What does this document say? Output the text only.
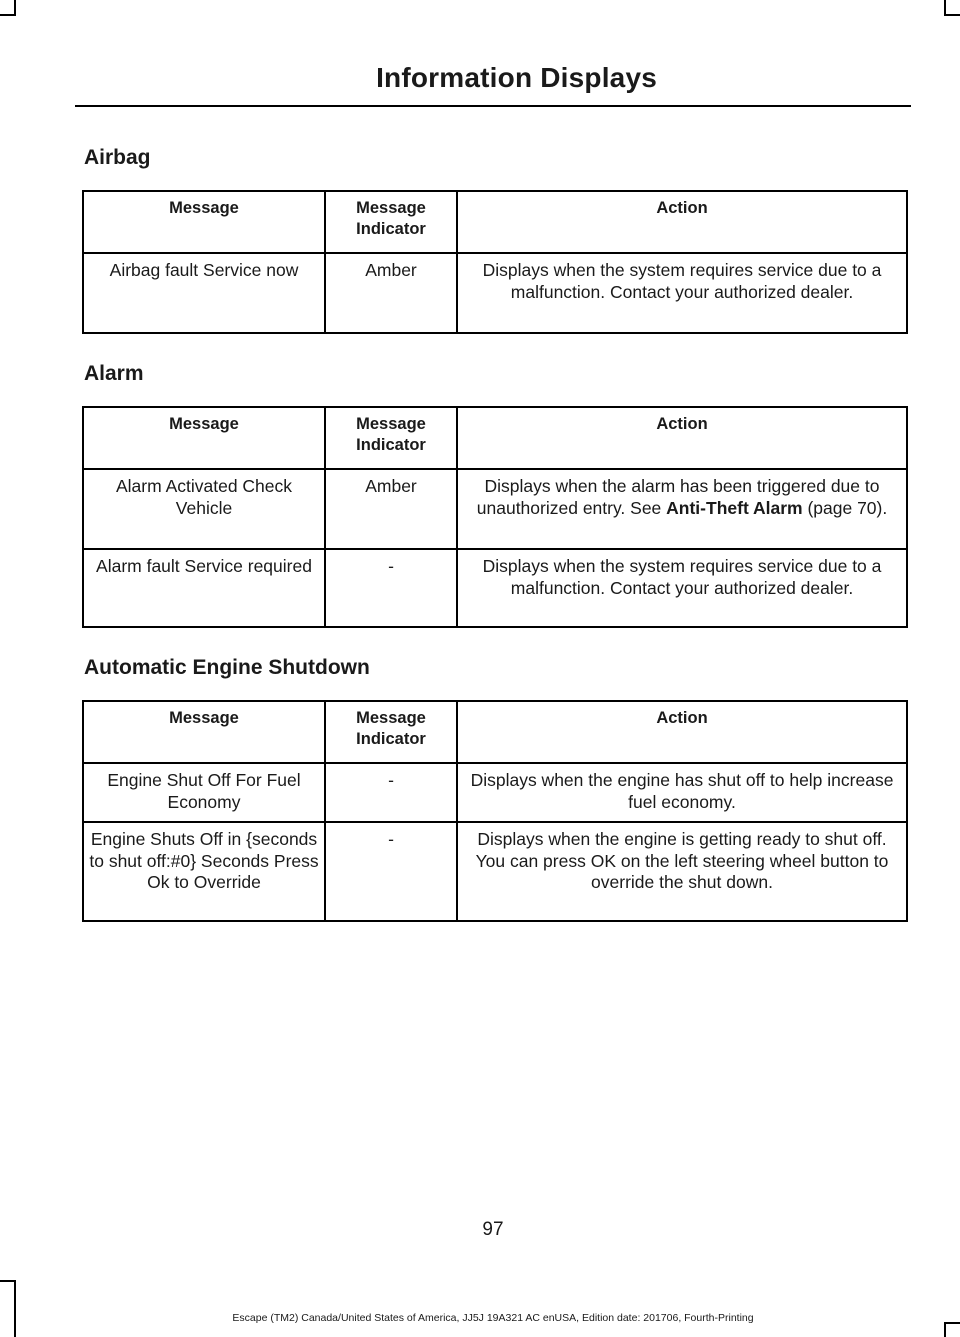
Information Displays
Airbag
Message	Message Indicator	Action
Airbag fault Service now	Amber	Displays when the system requires service due to a malfunction. Contact your authorized dealer.
Alarm
Message	Message Indicator	Action
Alarm Activated Check Vehicle	Amber	Displays when the alarm has been triggered due to unauthorized entry. See Anti-Theft Alarm (page 70).
Alarm fault Service required	-	Displays when the system requires service due to a malfunction. Contact your authorized dealer.
Automatic Engine Shutdown
Message	Message Indicator	Action
Engine Shut Off For Fuel Economy	-	Displays when the engine has shut off to help increase fuel economy.
Engine Shuts Off in {seconds to shut off:#0} Seconds Press Ok to Override	-	Displays when the engine is getting ready to shut off. You can press OK on the left steering wheel button to override the shut down.
97
Escape (TM2) Canada/United States of America, JJ5J 19A321 AC enUSA, Edition date: 201706, Fourth-Printing
